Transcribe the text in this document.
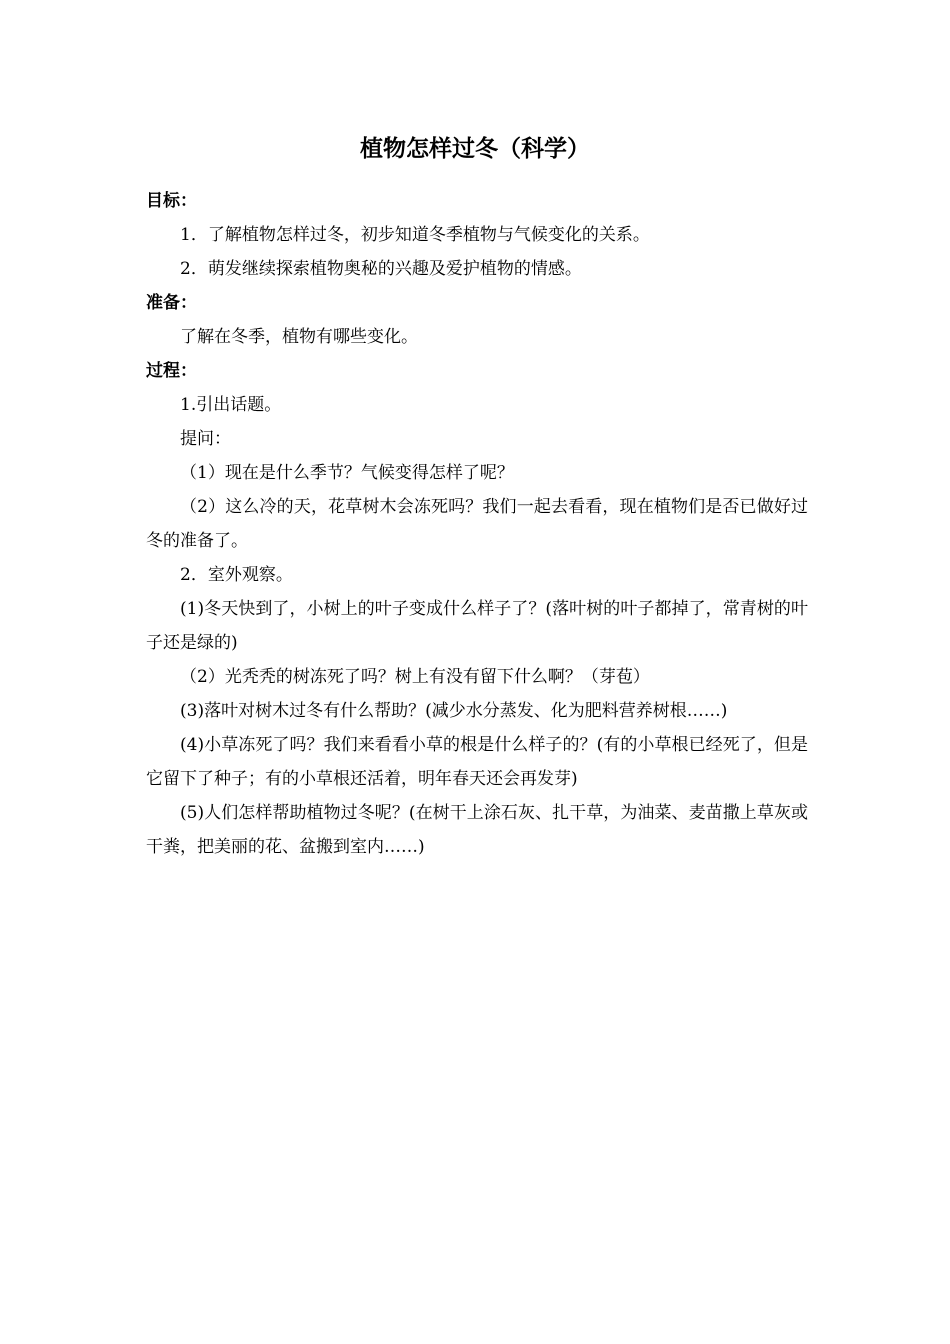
植物怎样过冬（科学）

目标：

1．了解植物怎样过冬，初步知道冬季植物与气候变化的关系。

2．萌发继续探索植物奥秘的兴趣及爱护植物的情感。

准备：

了解在冬季，植物有哪些变化。

过程：

1.引出话题。

提问：

（1）现在是什么季节？气候变得怎样了呢？

（2）这么冷的天，花草树木会冻死吗？我们一起去看看，现在植物们是否已做好过冬的准备了。

2．室外观察。

(1)冬天快到了，小树上的叶子变成什么样子了？(落叶树的叶子都掉了，常青树的叶子还是绿的)

（2）光秃秃的树冻死了吗？树上有没有留下什么啊？（芽苞）

(3)落叶对树木过冬有什么帮助？(减少水分蒸发、化为肥料营养树根……)

(4)小草冻死了吗？我们来看看小草的根是什么样子的？(有的小草根已经死了，但是它留下了种子；有的小草根还活着，明年春天还会再发芽)

(5)人们怎样帮助植物过冬呢？(在树干上涂石灰、扎干草，为油菜、麦苗撒上草灰或干粪，把美丽的花、盆搬到室内……)
